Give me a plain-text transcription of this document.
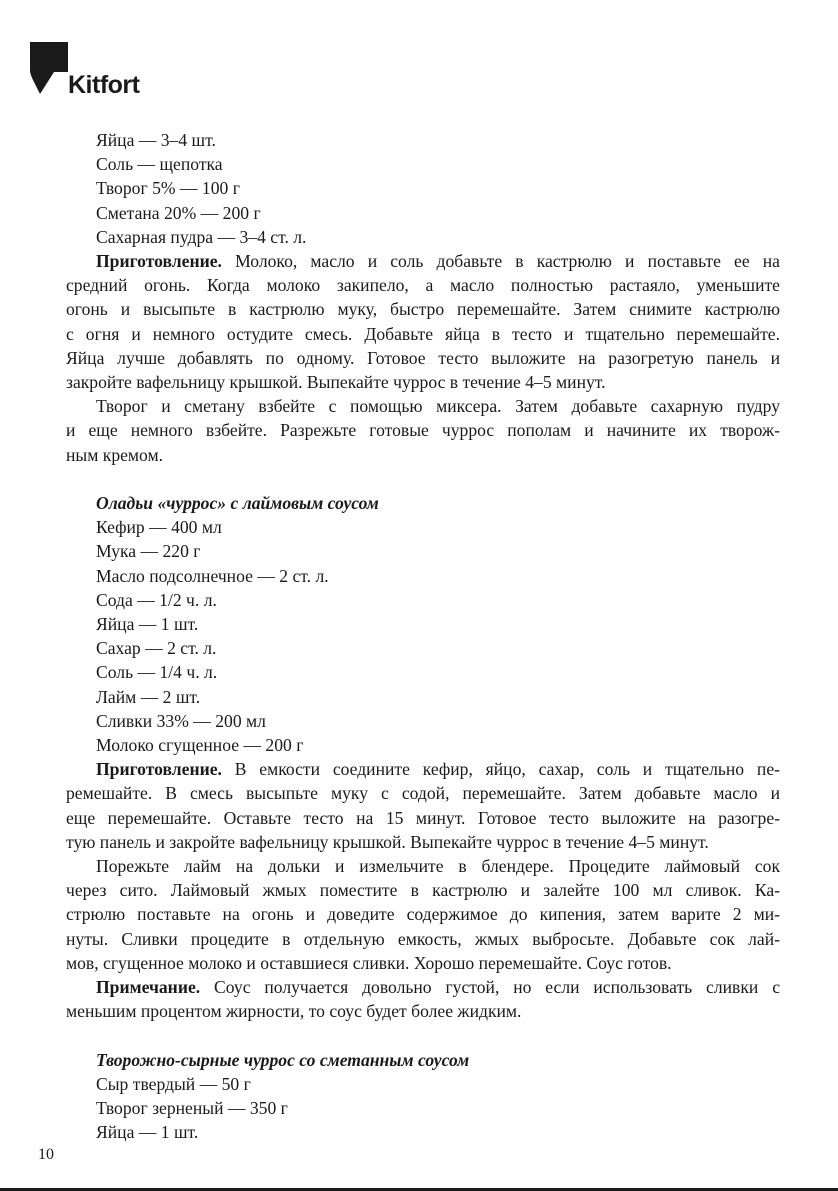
Kitfort
Яйца — 3–4 шт.
Соль — щепотка
Творог 5% — 100 г
Сметана 20% — 200 г
Сахарная пудра — 3–4 ст. л.
Приготовление. Молоко, масло и соль добавьте в кастрюлю и поставьте ее на
средний огонь. Когда молоко закипело, а масло полностью растаяло, уменьшите
огонь и высыпьте в кастрюлю муку, быстро перемешайте. Затем снимите кастрюлю
с огня и немного остудите смесь. Добавьте яйца в тесто и тщательно перемешайте.
Яйца лучше добавлять по одному. Готовое тесто выложите на разогретую панель и
закройте вафельницу крышкой. Выпекайте чуррос в течение 4–5 минут.
Творог и сметану взбейте с помощью миксера. Затем добавьте сахарную пудру
и еще немного взбейте. Разрежьте готовые чуррос пополам и начините их творож-
ным кремом.
Оладьи «чуррос» с лаймовым соусом
Кефир — 400 мл
Мука — 220 г
Масло подсолнечное — 2 ст. л.
Сода — 1/2 ч. л.
Яйца — 1 шт.
Сахар — 2 ст. л.
Соль — 1/4 ч. л.
Лайм — 2 шт.
Сливки 33% — 200 мл
Молоко сгущенное — 200 г
Приготовление. В емкости соедините кефир, яйцо, сахар, соль и тщательно пе-
ремешайте. В смесь высыпьте муку с содой, перемешайте. Затем добавьте масло и
еще перемешайте. Оставьте тесто на 15 минут. Готовое тесто выложите на разогре-
тую панель и закройте вафельницу крышкой. Выпекайте чуррос в течение 4–5 минут.
Порежьте лайм на дольки и измельчите в блендере. Процедите лаймовый сок
через сито. Лаймовый жмых поместите в кастрюлю и залейте 100 мл сливок. Ка-
стрюлю поставьте на огонь и доведите содержимое до кипения, затем варите 2 ми-
нуты. Сливки процедите в отдельную емкость, жмых выбросьте. Добавьте сок лай-
мов, сгущенное молоко и оставшиеся сливки. Хорошо перемешайте. Соус готов.
Примечание. Соус получается довольно густой, но если использовать сливки с
меньшим процентом жирности, то соус будет более жидким.
Творожно-сырные чуррос со сметанным соусом
Сыр твердый — 50 г
Творог зерненый — 350 г
Яйца — 1 шт.
10
